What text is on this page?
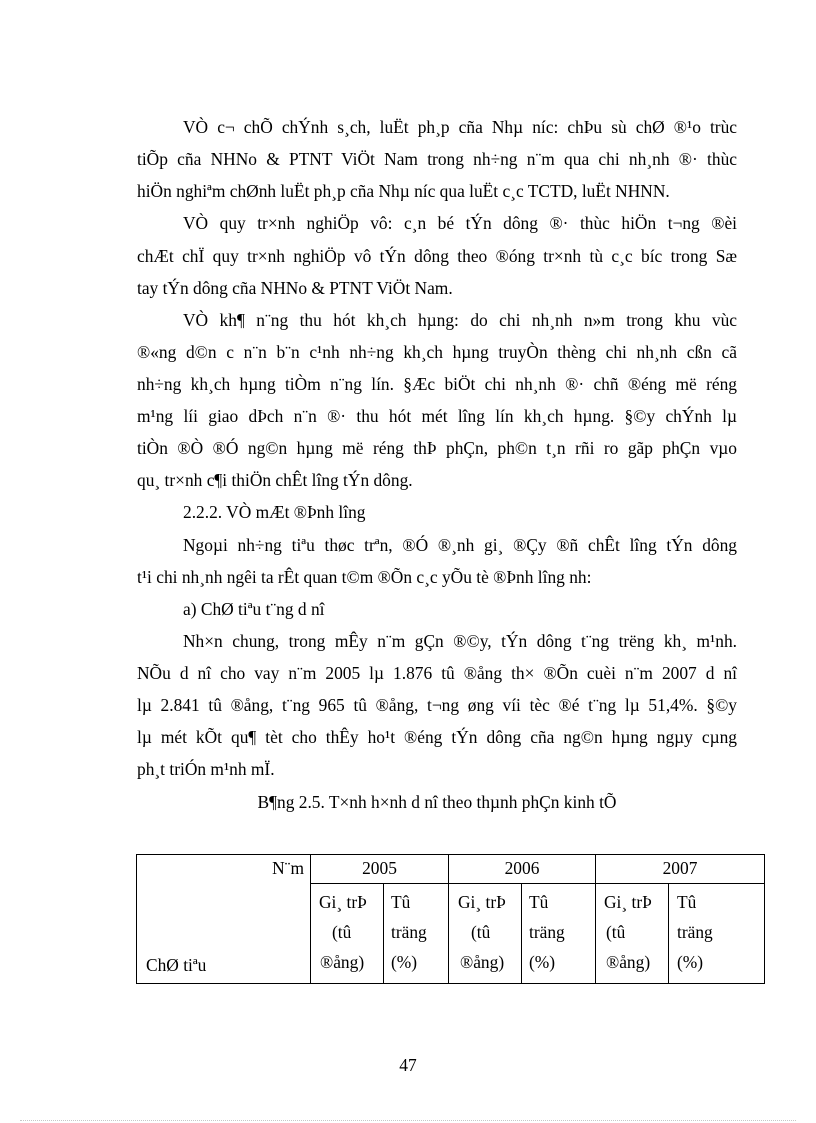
VÒ c¬ chÕ chÝnh s¸ch, luËt ph¸p cña Nhµ níc: chÞu sù chØ ®¹o trùc
tiÕp cña NHNo & PTNT ViÖt Nam trong nh÷ng n¨m qua chi nh¸nh ®· thùc
hiÖn nghiªm chØnh luËt ph¸p cña Nhµ níc qua luËt c¸c TCTD, luËt NHNN.
VÒ quy tr×nh nghiÖp vô: c¸n bé tÝn dông ®· thùc hiÖn t¬ng ®èi
chÆt chÏ quy tr×nh nghiÖp vô tÝn dông theo ®óng tr×nh tù c¸c bíc trong Sæ
tay tÝn dông cña NHNo & PTNT ViÖt Nam.
VÒ kh¶ n¨ng thu hót kh¸ch hµng: do chi nh¸nh n»m trong khu vùc
®«ng d©n c n¨n b¨n c¹nh nh÷ng kh¸ch hµng truyÒn thèng chi nh¸nh cßn cã
nh÷ng kh¸ch hµng tiÒm n¨ng lín. §Æc biÖt chi nh¸nh ®· chñ ®éng më réng
m¹ng líi giao dÞch n¨n ®· thu hót mét lîng lín kh¸ch hµng. §©y chÝnh lµ
tiÒn ®Ò ®Ó ng©n hµng më réng thÞ phÇn, ph©n t¸n rñi ro gãp phÇn vµo
qu¸ tr×nh c¶i thiÖn chÊt lîng tÝn dông.
2.2.2. VÒ mÆt ®Þnh lîng
Ngoµi nh÷ng tiªu thøc trªn, ®Ó ®¸nh gi¸ ®Çy ®ñ chÊt lîng tÝn dông
t¹i chi nh¸nh ngêi ta rÊt quan t©m ®Õn c¸c yÕu tè ®Þnh lîng nh:
a) ChØ tiªu t¨ng d nî
Nh×n chung, trong mÊy n¨m gÇn ®©y, tÝn dông t¨ng trëng kh¸ m¹nh.
NÕu d nî cho vay n¨m 2005 lµ 1.876 tû ®ång th× ®Õn cuèi n¨m 2007 d nî
lµ 2.841 tû ®ång, t¨ng 965 tû ®ång, t¬ng øng víi tèc ®é t¨ng lµ 51,4%. §©y
lµ mét kÕt qu¶ tèt cho thÊy ho¹t ®éng tÝn dông cña ng©n hµng ngµy cµng
ph¸t triÓn m¹nh mÏ.
B¶ng 2.5. T×nh h×nh d nî theo thµnh phÇn kinh tÕ
N¨m
ChØ tiªu
2005	2006	2007
Gi¸ trÞ
(tû
®ång)
Tû
träng
(%)
Gi¸ trÞ
(tû
®ång)
Tû
träng
(%)
Gi¸ trÞ
(tû
®ång)
Tû
träng
(%)
47
